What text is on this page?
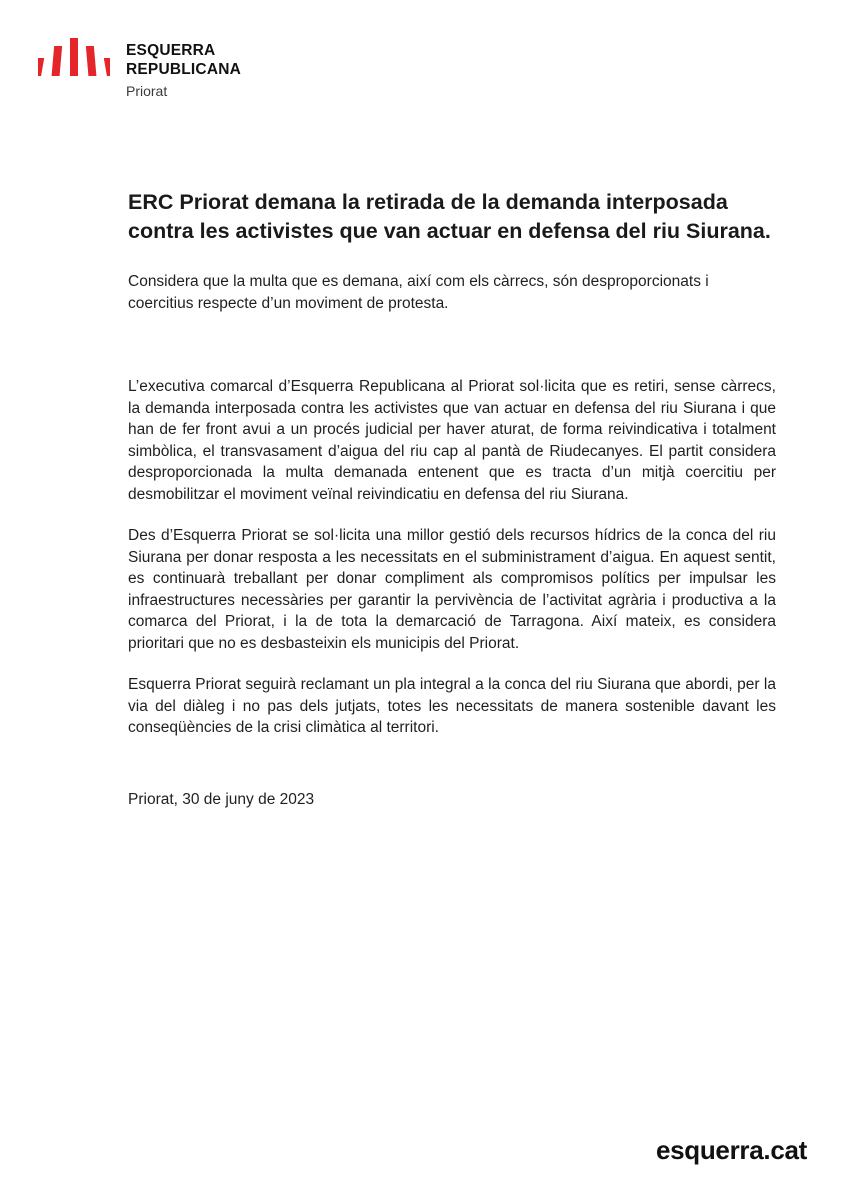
ESQUERRA
REPUBLICANA
Priorat
ERC Priorat demana la retirada de la demanda interposada contra les activistes que van actuar en defensa del riu Siurana.

Considera que la multa que es demana, així com els càrrecs, són desproporcionats i coercitius respecte d’un moviment de protesta.

L’executiva comarcal d’Esquerra Republicana al Priorat sol·licita que es retiri, sense càrrecs, la demanda interposada contra les activistes que van actuar en defensa del riu Siurana i que han de fer front avui a un procés judicial per haver aturat, de forma reivindicativa i totalment simbòlica, el transvasament d’aigua del riu cap al pantà de Riudecanyes. El partit considera desproporcionada la multa demanada entenent que es tracta d’un mitjà coercitiu per desmobilitzar el moviment veïnal reivindicatiu en defensa del riu Siurana.

Des d’Esquerra Priorat se sol·licita una millor gestió dels recursos hídrics de la conca del riu Siurana per donar resposta a les necessitats en el subministrament d’aigua. En aquest sentit, es continuarà treballant per donar compliment als compromisos polítics per impulsar les infraestructures necessàries per garantir la pervivència de l’activitat agrària i productiva a la comarca del Priorat, i la de tota la demarcació de Tarragona. Així mateix, es considera prioritari que no es desbasteixin els municipis del Priorat.

Esquerra Priorat seguirà reclamant un pla integral a la conca del riu Siurana que abordi, per la via del diàleg i no pas dels jutjats, totes les necessitats de manera sostenible davant les conseqüències de la crisi climàtica al territori.

Priorat, 30 de juny de 2023

esquerra.cat
